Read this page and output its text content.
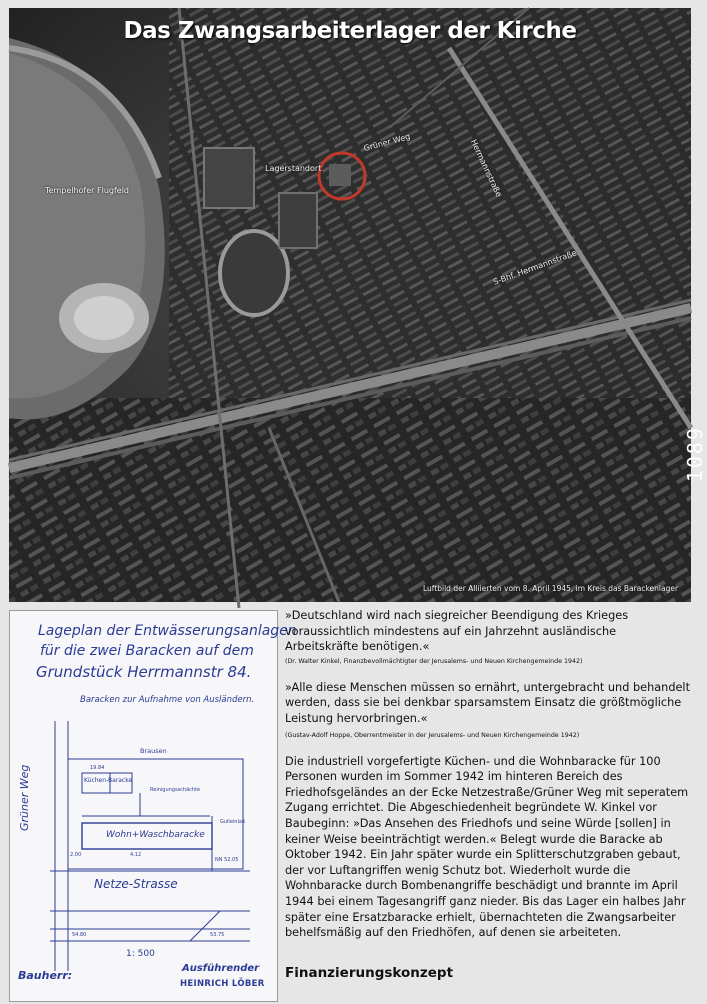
Das Zwangsarbeiterlager der Kirche
Tempelhofer Flugfeld
Lagerstandort
Grüner Weg	Hermannstraße
S-Bhf. Hermannstraße
1089
Luftbild der Alliierten vom 8. April 1945, im Kreis das Barackenlager
19.84
Reinigungsschächte
Gulleinlaß
2.00	4.12
NN 52.05
54.80	53.75
Lageplan der Entwässerungsanlagen
für die zwei Baracken auf dem
Grundstück Herrmannstr 84.
Baracken zur Aufnahme von Ausländern.
Brausen
Küchen-Baracke
Wohn+Waschbaracke
Grüner Weg
Netze-Strasse
1: 500
Bauherr:
Ausführender
HEINRICH LÖBER

»Deutschland wird nach siegreicher Beendigung des Krieges voraussichtlich mindestens auf ein Jahrzehnt ausländische Arbeitskräfte benötigen.«

(Dr. Walter Kinkel, Finanzbevollmächtigter der Jerusalems- und Neuen Kirchengemeinde 1942)

»Alle diese Menschen müssen so ernährt, untergebracht und behandelt werden, dass sie bei denkbar sparsamstem Einsatz die größtmögliche Leistung hervorbringen.«

(Gustav-Adolf Hoppe, Oberrentmeister in der Jerusalems- und Neuen Kirchengemeinde 1942)

Die industriell vorgefertigte Küchen- und die Wohnbaracke für 100 Personen wurden im Sommer 1942 im hinteren Bereich des Friedhofsgeländes an der Ecke Netzestraße/Grüner Weg mit seperatem Zugang errichtet. Die Abgeschiedenheit begründete W. Kinkel vor Baubeginn: »Das Ansehen des Friedhofs und seine Würde [sollen] in keiner Weise beeinträchtigt werden.« Belegt wurde die Baracke ab Oktober 1942. Ein Jahr später wurde ein Splitterschutzgraben gebaut, der vor Luftangriffen wenig Schutz bot. Wiederholt wurde die Wohnbaracke durch Bombenangriffe beschädigt und brannte im April 1944 bei einem Tagesangriff ganz nieder. Bis das Lager ein halbes Jahr später eine Ersatzbaracke erhielt, übernachteten die Zwangsarbeiter behelfsmäßig auf den Friedhöfen, auf denen sie arbeiteten.

Finanzierungskonzept
